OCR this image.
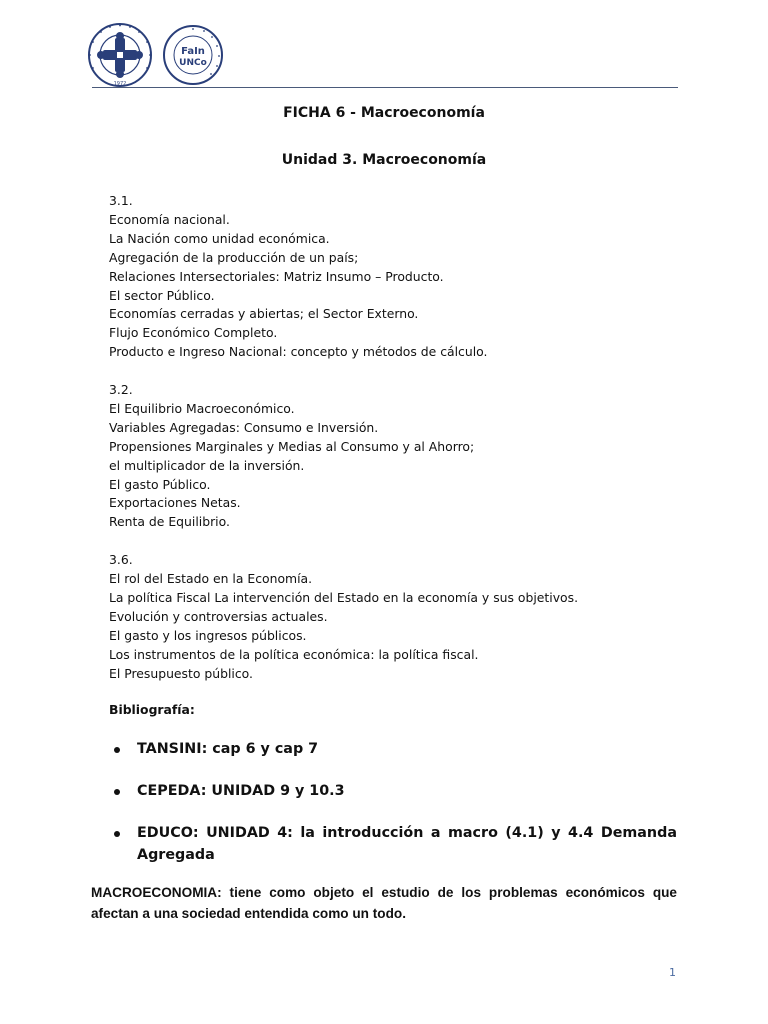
1972
FaIn
UNCo
FICHA 6 - Macroeconomía
Unidad 3. Macroeconomía
3.1.
Economía nacional.
La Nación como unidad económica.
Agregación de la producción de un país;
Relaciones Intersectoriales: Matriz Insumo – Producto.
El sector Público.
Economías cerradas y abiertas; el Sector Externo.
Flujo Económico Completo.
Producto e Ingreso Nacional: concepto y métodos de cálculo.
3.2.
El Equilibrio Macroeconómico.
Variables Agregadas: Consumo e Inversión.
Propensiones Marginales y Medias al Consumo y al Ahorro;
el multiplicador de la inversión.
El gasto Público.
Exportaciones Netas.
Renta de Equilibrio.
3.6.
El rol del Estado en la Economía.
La política Fiscal La intervención del Estado en la economía y sus objetivos.
Evolución y controversias actuales.
El gasto y los ingresos públicos.
Los instrumentos de la política económica: la política fiscal.
El Presupuesto público.
Bibliografía:
TANSINI: cap 6 y cap 7
CEPEDA: UNIDAD 9 y 10.3
EDUCO: UNIDAD 4: la introducción a macro (4.1) y 4.4 Demanda Agregada
MACROECONOMIA: tiene como objeto el estudio de los problemas económicos que afectan a una sociedad entendida como un todo.
1
